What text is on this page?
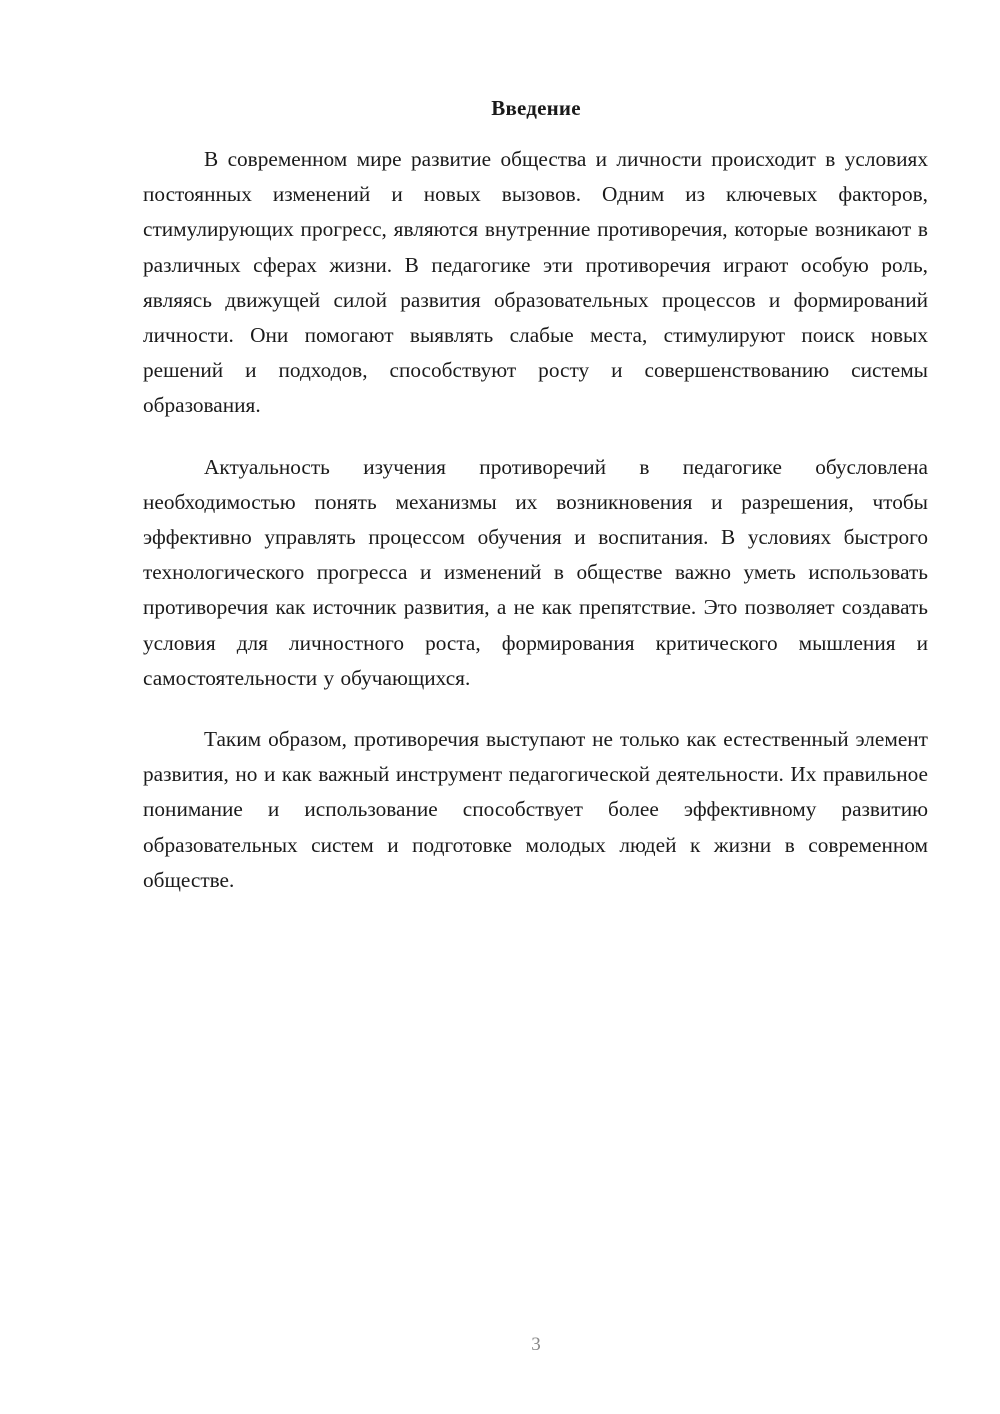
Введение

В современном мире развитие общества и личности происходит в условиях постоянных изменений и новых вызовов. Одним из ключевых факторов, стимулирующих прогресс, являются внутренние противоречия, которые возникают в различных сферах жизни. В педагогике эти противоречия играют особую роль, являясь движущей силой развития образовательных процессов и формирований личности. Они помогают выявлять слабые места, стимулируют поиск новых решений и подходов, способствуют росту и совершенствованию системы образования.

Актуальность изучения противоречий в педагогике обусловлена необходимостью понять механизмы их возникновения и разрешения, чтобы эффективно управлять процессом обучения и воспитания. В условиях быстрого технологического прогресса и изменений в обществе важно уметь использовать противоречия как источник развития, а не как препятствие. Это позволяет создавать условия для личностного роста, формирования критического мышления и самостоятельности у обучающихся.

Таким образом, противоречия выступают не только как естественный элемент развития, но и как важный инструмент педагогической деятельности. Их правильное понимание и использование способствует более эффективному развитию образовательных систем и подготовке молодых людей к жизни в современном обществе.

3
